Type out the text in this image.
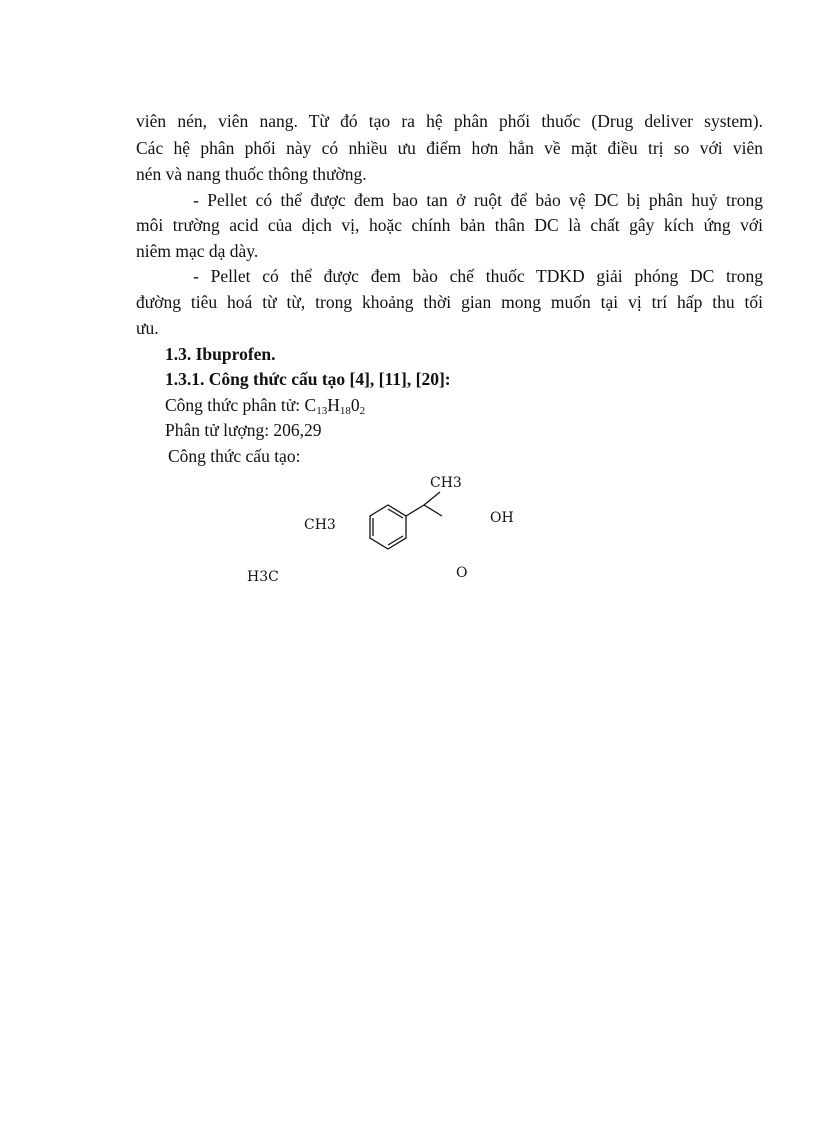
viên nén, viên nang. Từ đó tạo ra hệ phân phối thuốc (Drug deliver system).
Các hệ phân phối này có nhiều ưu điểm hơn hẳn về mặt điều trị so với viên
nén và nang thuốc thông thường.
- Pellet có thể được đem bao tan ở ruột để bảo vệ DC bị phân huỷ trong
môi trường acid của dịch vị, hoặc chính bản thân DC là chất gây kích ứng với
niêm mạc dạ dày.
- Pellet có thể được đem bào chế thuốc TDKD giải phóng DC trong
đường tiêu hoá từ từ, trong khoảng thời gian mong muốn tại vị trí hấp thu tối
ưu.
1.3. Ibuprofen.
1.3.1. Công thức cấu tạo [4], [11], [20]:
Công thức phân tử: $C_{13}H_{18}0_2$
Phân tử lượng: 206,29
Công thức cấu tạo:
CH3
CH3
H3C
OH
O
